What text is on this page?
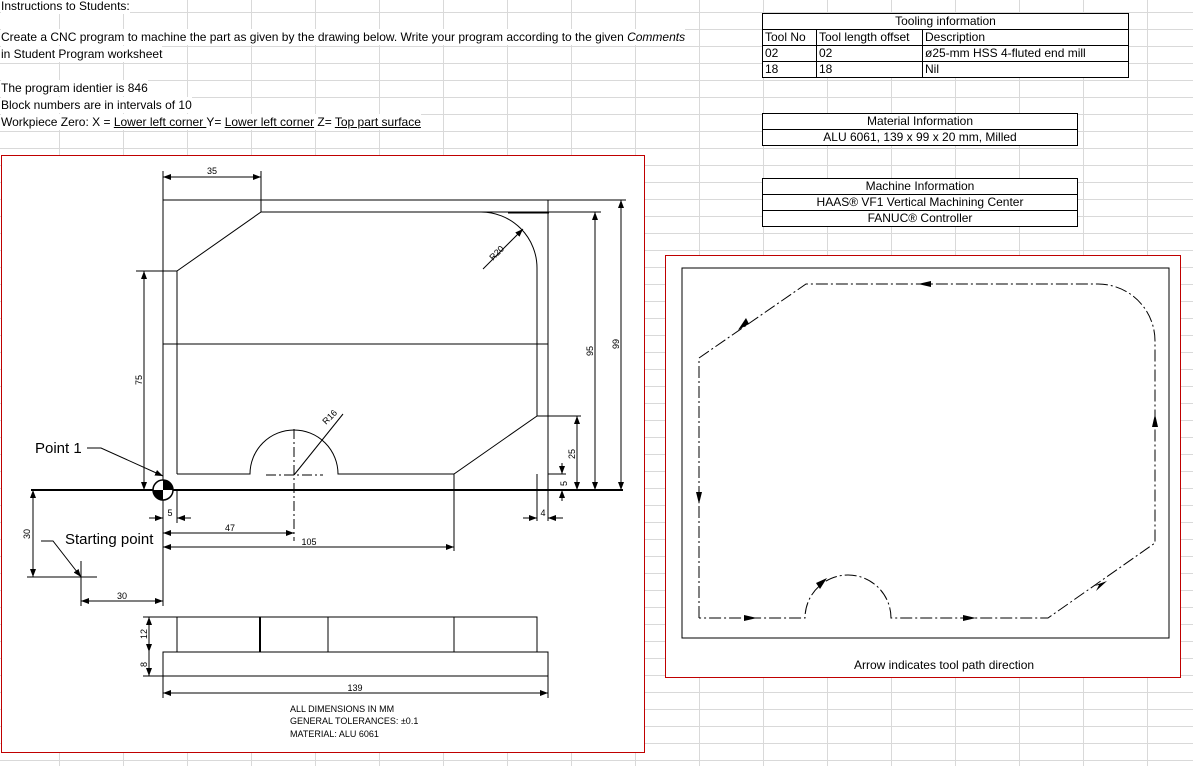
Instructions to Students:
Create a CNC program to machine the part as given by the drawing below. Write your program according to the given Comments
in Student Program worksheet
The program identier is 846
Block numbers are in intervals of 10
Workpiece Zero: X = Lower left corner Y= Lower left corner Z= Top part surface
Tooling information		
Tool No	Tool length offset	Description
02	02	ø25-mm HSS 4-fluted end mill
18	18	Nil
Material Information
ALU 6061, 139 x 99 x 20 mm, Milled
Machine Information
HAAS® VF1 Vertical Machining Center
FANUC® Controller
35
R20
R16
75
95
99
25
5
4
5
47
105
30
30
12
8
139
ALL DIMENSIONS IN MM
GENERAL TOLERANCES: ±0.1
MATERIAL: ALU 6061
Point 1
Starting point
Arrow indicates tool path direction
